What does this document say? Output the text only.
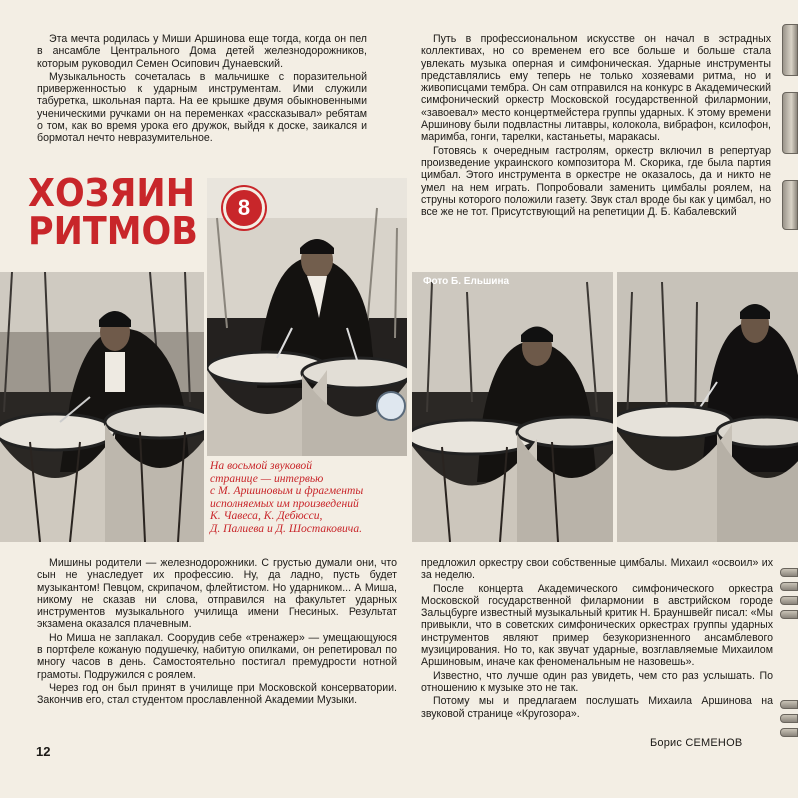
Эта мечта родилась у Миши Аршинова еще тогда, когда он пел в ансамбле Центрального Дома детей железнодорожников, которым руководил Семен Осипович Дунаевский.

Музыкальность сочеталась в мальчишке с поразительной приверженностью к ударным инструментам. Ими служили табуретка, школьная парта. На ее крышке двумя обыкновенными ученическими ручками он на переменках «рассказывал» ребятам о том, как во время урока его дружок, выйдя к доске, заикался и бормотал нечто невразумительное.

Путь в профессиональном искусстве он начал в эстрадных коллективах, но со временем его все больше и больше стала увлекать музыка оперная и симфоническая. Ударные инструменты представлялись ему теперь не только хозяевами ритма, но и живописцами тембра. Он сам отправился на конкурс в Академический симфонический оркестр Московской государственной филармонии, «завоевал» место концертмейстера группы ударных. К этому времени Аршинову были подвластны литавры, колокола, вибрафон, ксилофон, маримба, гонги, тарелки, кастаньеты, маракасы.

Готовясь к очередным гастролям, оркестр включил в репертуар произведение украинского композитора М. Скорика, где была партия цимбал. Этого инструмента в оркестре не оказалось, да и никто не умел на нем играть. Попробовали заменить цимбалы роялем, на струны которого положили газету. Звук стал вроде бы как у цимбал, но все же не тот. Присутствующий на репетиции Д. Б. Кабалевский

ХОЗЯИН
РИТМОВ
8
Фото Б. Ельшина
На восьмой звуковой
странице — интервью
с М. Аршиновым и фрагменты
исполняемых им произведений
К. Чавеса, К. Дебюсси,
Д. Палиева и Д. Шостаковича.

Мишины родители — железнодорожники. С грустью думали они, что сын не унаследует их профессию. Ну, да ладно, пусть будет музыкантом! Певцом, скрипачом, флейтистом. Но ударником... А Миша, никому не сказав ни слова, отправился на факультет ударных инструментов музыкального училища имени Гнесиных. Результат экзамена оказался плачевным.

Но Миша не заплакал. Соорудив себе «тренажер» — умещающуюся в портфеле кожаную подушечку, набитую опилками, он репетировал по многу часов в день. Самостоятельно постигал премудрости нотной грамоты. Подружился с роялем.

Через год он был принят в училище при Московской консерватории. Закончив его, стал студентом прославленной Академии Музыки.

предложил оркестру свои собственные цимбалы. Михаил «освоил» их за неделю.

После концерта Академического симфонического оркестра Московской государственной филармонии в австрийском городе Зальцбурге известный музыкальный критик Н. Брауншвейг писал: «Мы привыкли, что в советских симфонических оркестрах группы ударных инструментов являют пример безукоризненного ансамблевого музицирования. Но то, как звучат ударные, возглавляемые Михаилом Аршиновым, иначе как феноменальным не назовешь».

Известно, что лучше один раз увидеть, чем сто раз услышать. По отношению к музыке это не так.

Потому мы и предлагаем послушать Михаила Аршинова на звуковой странице «Кругозора».

12
Борис СЕМЕНОВ
